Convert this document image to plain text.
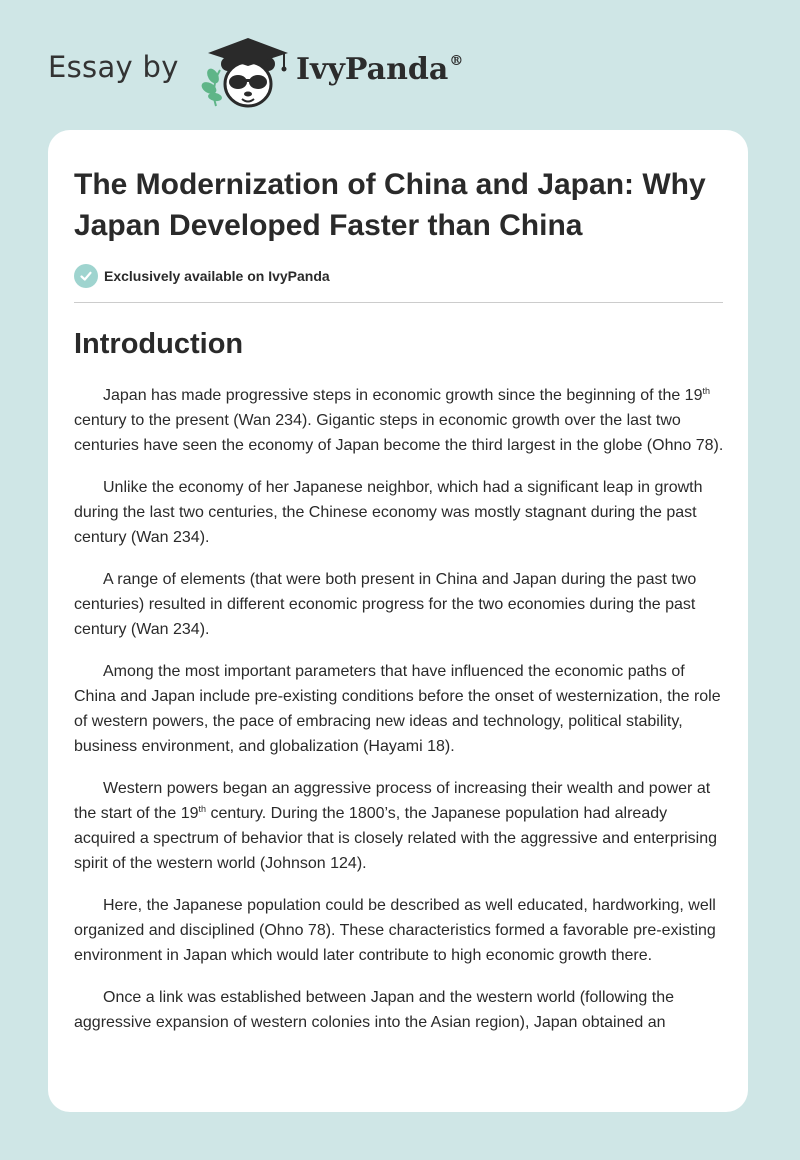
Essay by	IvyPanda®
The Modernization of China and Japan: Why Japan Developed Faster than China
Exclusively available on IvyPanda
Introduction

Japan has made progressive steps in economic growth since the beginning of the 19th century to the present (Wan 234). Gigantic steps in economic growth over the last two centuries have seen the economy of Japan become the third largest in the globe (Ohno 78).

Unlike the economy of her Japanese neighbor, which had a significant leap in growth during the last two centuries, the Chinese economy was mostly stagnant during the past century (Wan 234).

A range of elements (that were both present in China and Japan during the past two centuries) resulted in different economic progress for the two economies during the past century (Wan 234).

Among the most important parameters that have influenced the economic paths of China and Japan include pre-existing conditions before the onset of westernization, the role of western powers, the pace of embracing new ideas and technology, political stability, business environment, and globalization (Hayami 18).

Western powers began an aggressive process of increasing their wealth and power at the start of the 19th century. During the 1800’s, the Japanese population had already acquired a spectrum of behavior that is closely related with the aggressive and enterprising spirit of the western world (Johnson 124).

Here, the Japanese population could be described as well educated, hardworking, well organized and disciplined (Ohno 78). These characteristics formed a favorable pre-existing environment in Japan which would later contribute to high economic growth there.

Once a link was established between Japan and the western world (following the aggressive expansion of western colonies into the Asian region), Japan obtained an
